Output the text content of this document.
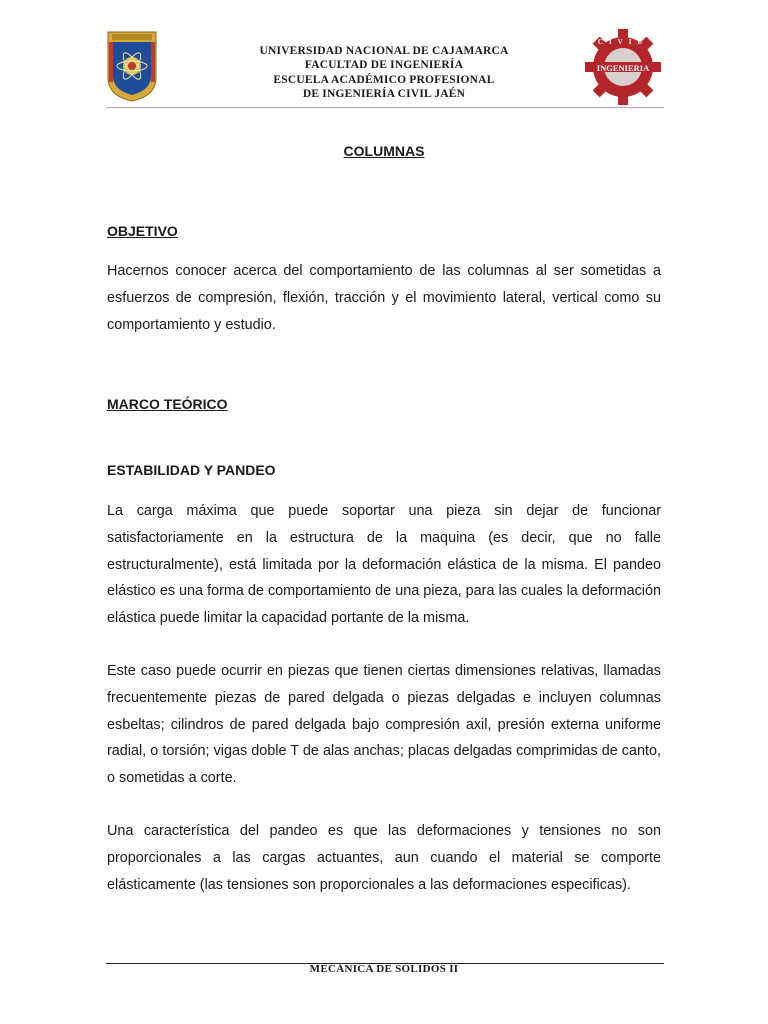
UNIVERSIDAD NACIONAL DE CAJAMARCA
FACULTAD DE INGENIERÍA
ESCUELA ACADÉMICO PROFESIONAL
DE INGENIERÍA CIVIL JAÉN
INGENIERIA
CIVIL
COLUMNAS
OBJETIVO
Hacernos conocer acerca del comportamiento de las columnas al ser sometidas a esfuerzos de compresión, flexión, tracción y el movimiento lateral, vertical como su comportamiento y estudio.
MARCO TEÓRICO
ESTABILIDAD Y PANDEO
La carga máxima que puede soportar una pieza sin dejar de funcionar satisfactoriamente en la estructura de la maquina (es decir, que no falle estructuralmente), está limitada por la deformación elástica de la misma. El pandeo elástico es una forma de comportamiento de una pieza, para las cuales la deformación elástica puede limitar la capacidad portante de la misma.
Este caso puede ocurrir en piezas que tienen ciertas dimensiones relativas, llamadas frecuentemente piezas de pared delgada o piezas delgadas e incluyen columnas esbeltas; cilindros de pared delgada bajo compresión axil, presión externa uniforme radial, o torsión; vigas doble T de alas anchas; placas delgadas comprimidas de canto, o sometidas a corte.
Una característica del pandeo es que las deformaciones y tensiones no son proporcionales a las cargas actuantes, aun cuando el material se comporte elásticamente (las tensiones son proporcionales a las deformaciones especificas).
MECÁNICA DE SÓLIDOS II
